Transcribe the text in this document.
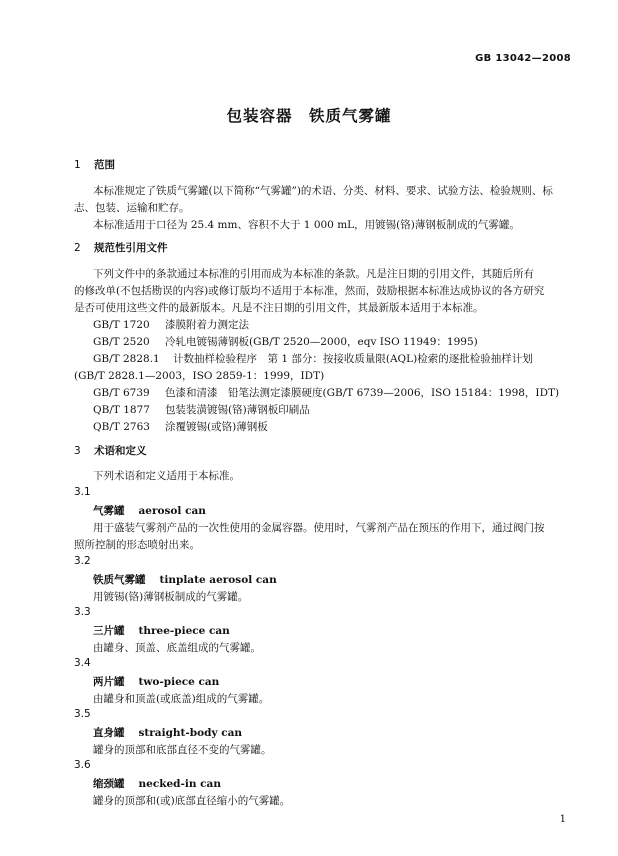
GB 13042—2008
包装容器　铁质气雾罐
1 范围
本标准规定了铁质气雾罐(以下简称“气雾罐”)的术语、分类、材料、要求、试验方法、检验规则、标
志、包装、运输和贮存。
本标准适用于口径为 25.4 mm、容积不大于 1 000 mL，用镀锡(铬)薄钢板制成的气雾罐。
2 规范性引用文件
下列文件中的条款通过本标准的引用而成为本标准的条款。凡是注日期的引用文件，其随后所有
的修改单(不包括勘误的内容)或修订版均不适用于本标准，然而，鼓励根据本标准达成协议的各方研究
是否可使用这些文件的最新版本。凡是不注日期的引用文件，其最新版本适用于本标准。
GB/T 1720 漆膜附着力测定法
GB/T 2520 冷轧电镀锡薄钢板(GB/T 2520—2000，eqv ISO 11949：1995)
GB/T 2828.1 计数抽样检验程序　第 1 部分：按接收质量限(AQL)检索的逐批检验抽样计划
(GB/T 2828.1—2003，ISO 2859-1：1999，IDT)
GB/T 6739 色漆和清漆　铅笔法测定漆膜硬度(GB/T 6739—2006，ISO 15184：1998，IDT)
QB/T 1877 包装装潢镀锡(铬)薄钢板印刷品
QB/T 2763 涂覆镀锡(或铬)薄钢板
3 术语和定义
下列术语和定义适用于本标准。
3.1
气雾罐 aerosol can
用于盛装气雾剂产品的一次性使用的金属容器。使用时，气雾剂产品在预压的作用下，通过阀门按
照所控制的形态喷射出来。
3.2
铁质气雾罐 tinplate aerosol can
用镀锡(铬)薄钢板制成的气雾罐。
3.3
三片罐 three-piece can
由罐身、顶盖、底盖组成的气雾罐。
3.4
两片罐 two-piece can
由罐身和顶盖(或底盖)组成的气雾罐。
3.5
直身罐 straight-body can
罐身的顶部和底部直径不变的气雾罐。
3.6
缩颈罐 necked-in can
罐身的顶部和(或)底部直径缩小的气雾罐。
1
